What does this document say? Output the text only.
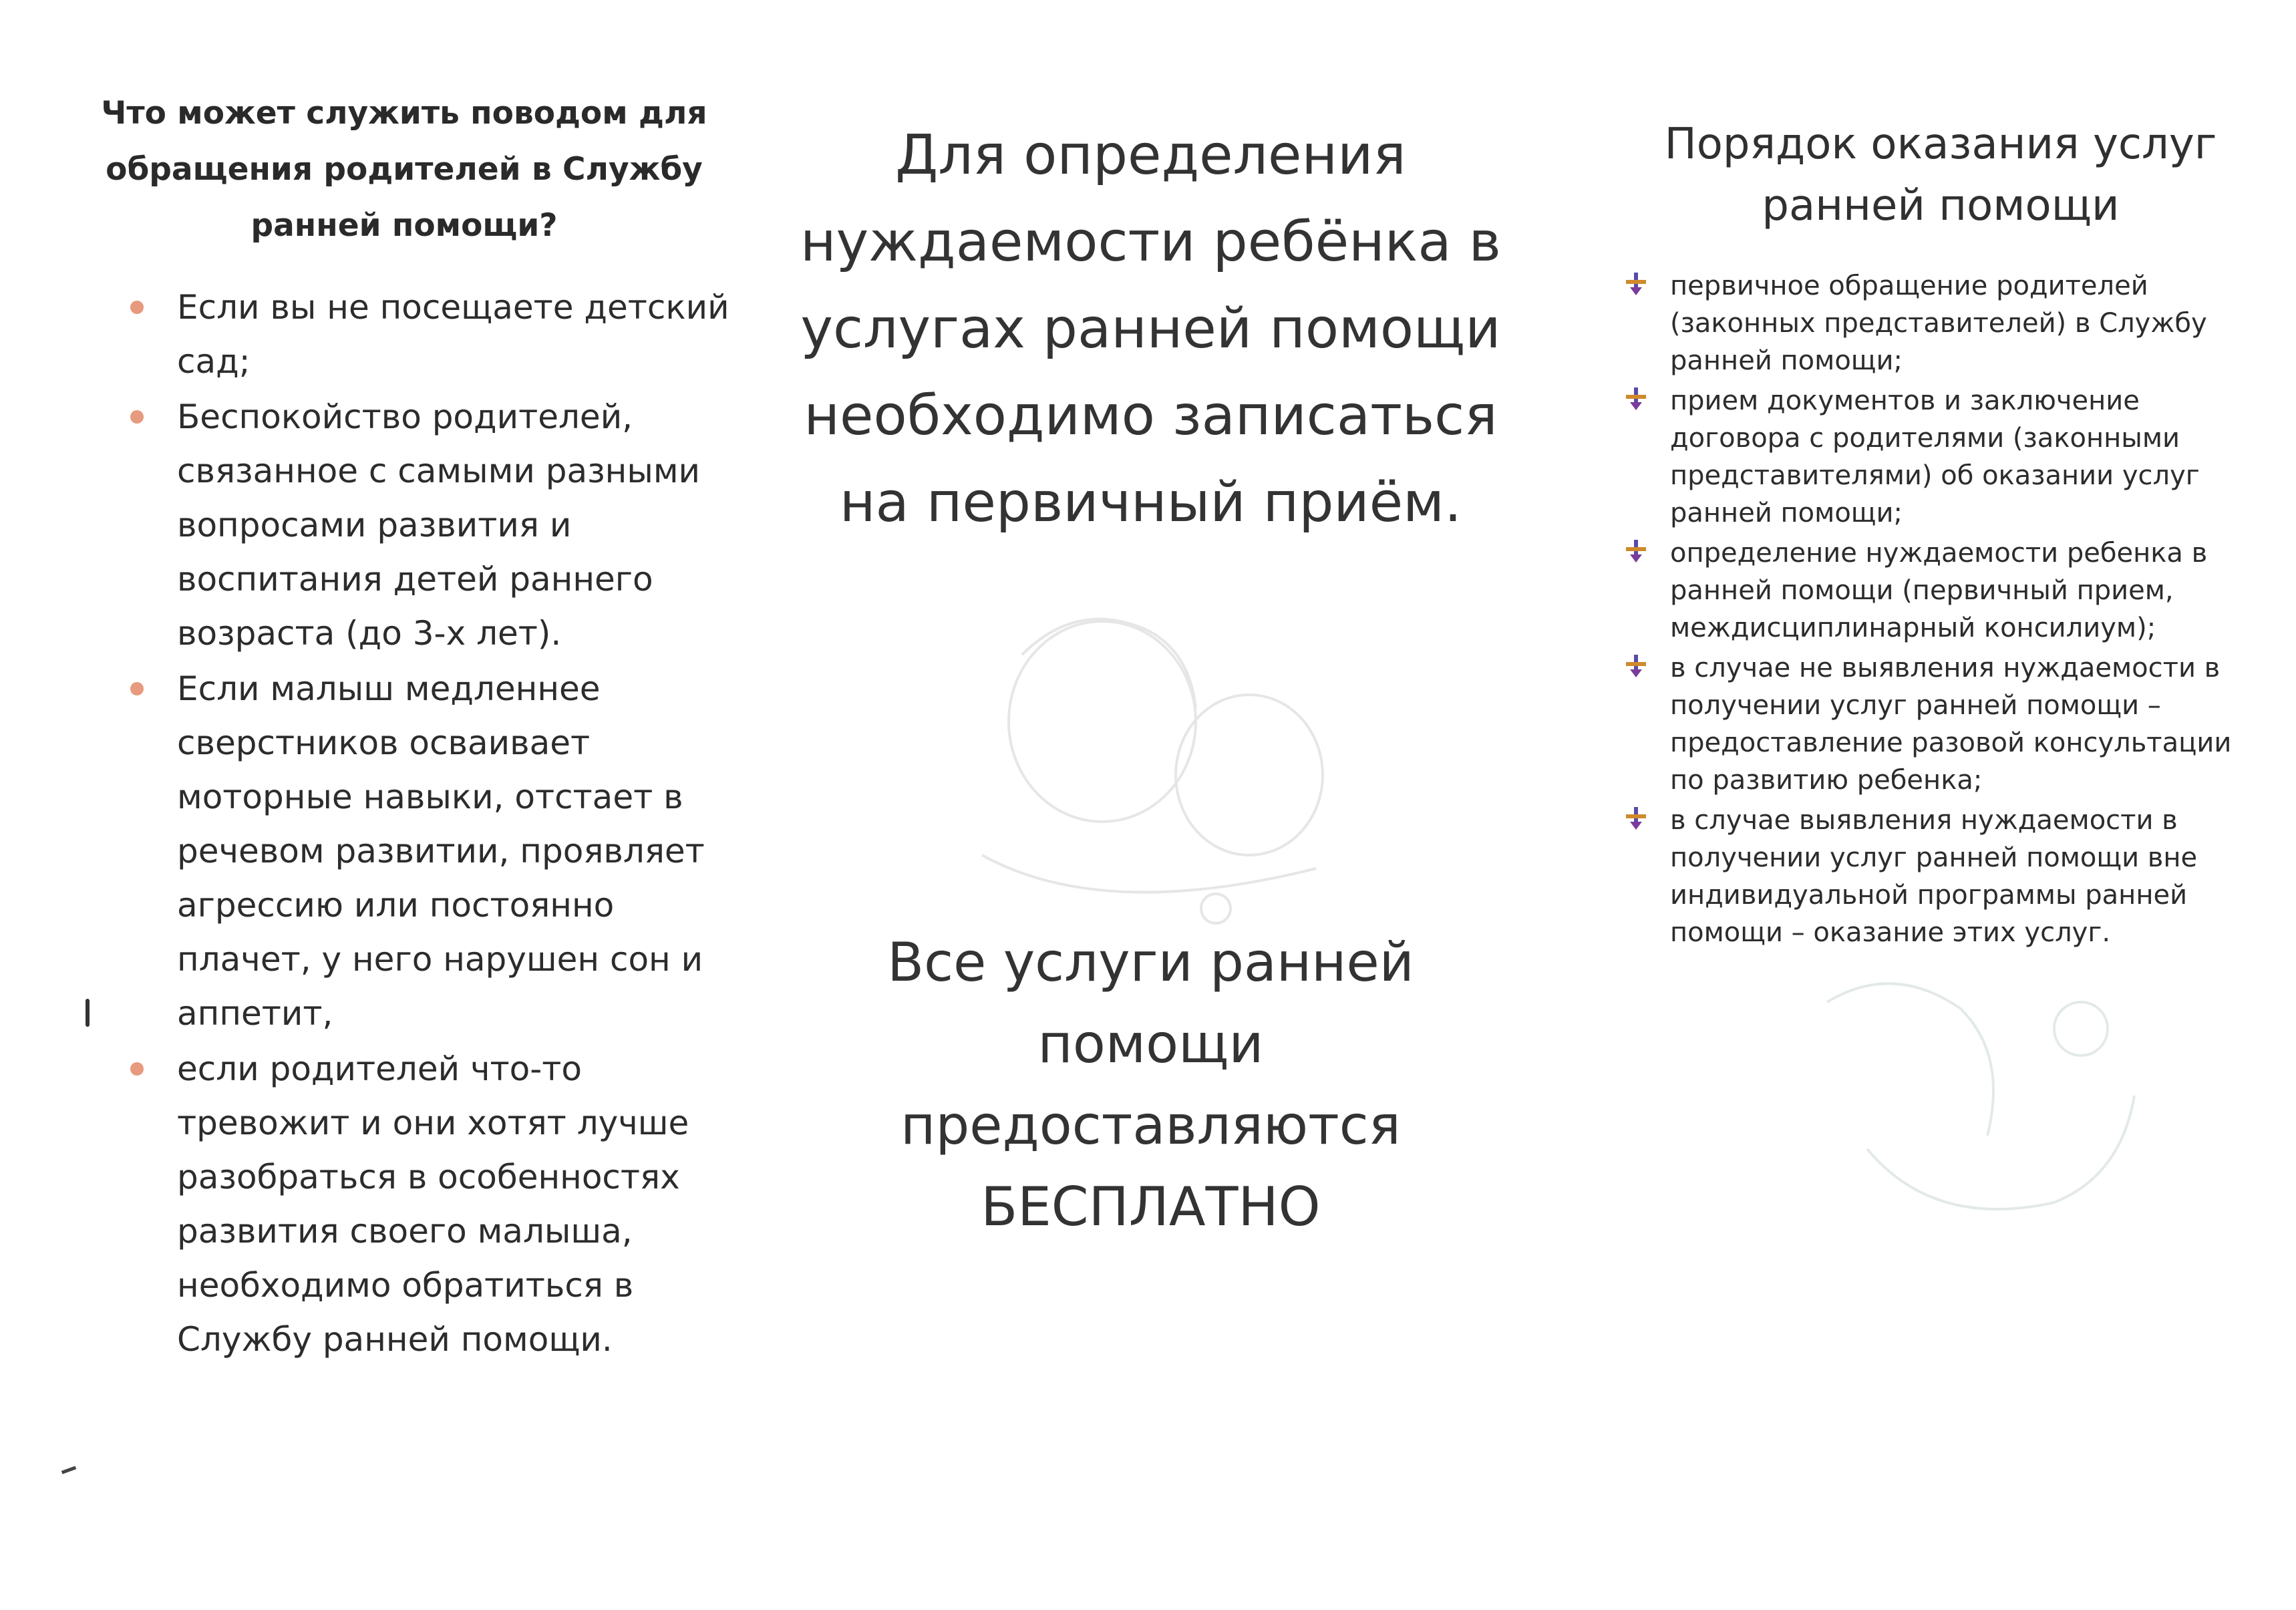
Что может служить поводом для обращения родителей в Службу ранней помощи?
Если вы не посещаете детский сад;
Беспокойство родителей, связанное с самыми разными вопросами развития и воспитания детей раннего возраста (до 3-х лет).
Если малыш медленнее сверстников осваивает моторные навыки, отстает в речевом развитии, проявляет агрессию или постоянно плачет, у него нарушен сон и аппетит,
если родителей что-то тревожит и они хотят лучше разобраться в особенностях развития своего малыша, необходимо обратиться в Службу ранней помощи.
Для определения нуждаемости ребёнка в услугах ранней помощи необходимо записаться на первичный приём.
Все услуги ранней помощи предоставляются БЕСПЛАТНО
Порядок оказания услуг ранней помощи
первичное обращение родителей (законных представителей) в Службу ранней помощи;
прием документов и заключение договора с родителями (законными представителями) об оказании услуг ранней помощи;
определение нуждаемости ребенка в ранней помощи (первичный прием, междисциплинарный консилиум);
в случае не выявления нуждаемости в получении услуг ранней помощи – предоставление разовой консультации по развитию ребенка;
в случае выявления нуждаемости в получении услуг ранней помощи вне индивидуальной программы ранней помощи – оказание этих услуг.
